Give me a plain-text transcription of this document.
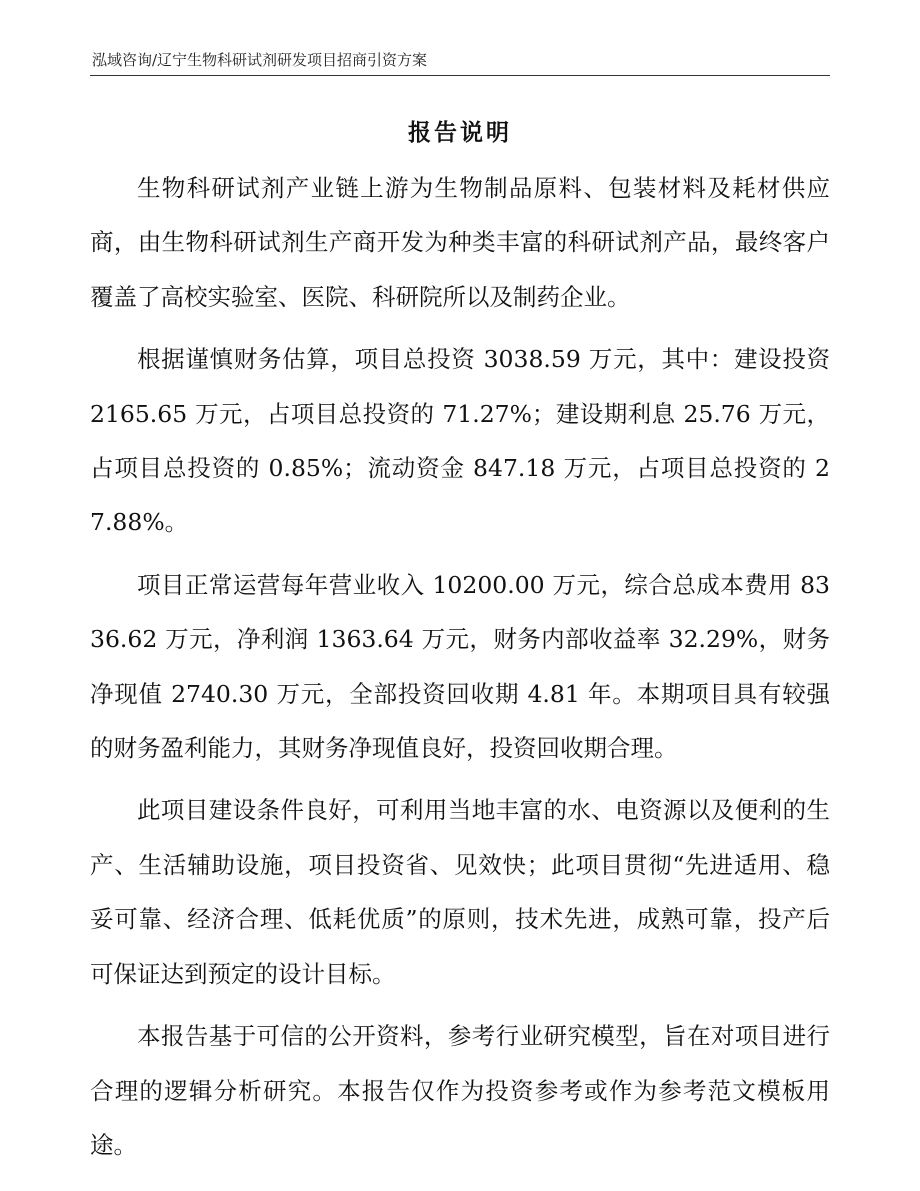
泓域咨询/辽宁生物科研试剂研发项目招商引资方案
报告说明

生物科研试剂产业链上游为生物制品原料、包装材料及耗材供应商，由生物科研试剂生产商开发为种类丰富的科研试剂产品，最终客户覆盖了高校实验室、医院、科研院所以及制药企业。

根据谨慎财务估算，项目总投资 3038.59 万元，其中：建设投资 2165.65 万元，占项目总投资的 71.27%；建设期利息 25.76 万元，占项目总投资的 0.85%；流动资金 847.18 万元，占项目总投资的 27.88%。

项目正常运营每年营业收入 10200.00 万元，综合总成本费用 8336.62 万元，净利润 1363.64 万元，财务内部收益率 32.29%，财务净现值 2740.30 万元，全部投资回收期 4.81 年。本期项目具有较强的财务盈利能力，其财务净现值良好，投资回收期合理。

此项目建设条件良好，可利用当地丰富的水、电资源以及便利的生产、生活辅助设施，项目投资省、见效快；此项目贯彻“先进适用、稳妥可靠、经济合理、低耗优质”的原则，技术先进，成熟可靠，投产后可保证达到预定的设计目标。

本报告基于可信的公开资料，参考行业研究模型，旨在对项目进行合理的逻辑分析研究。本报告仅作为投资参考或作为参考范文模板用途。
